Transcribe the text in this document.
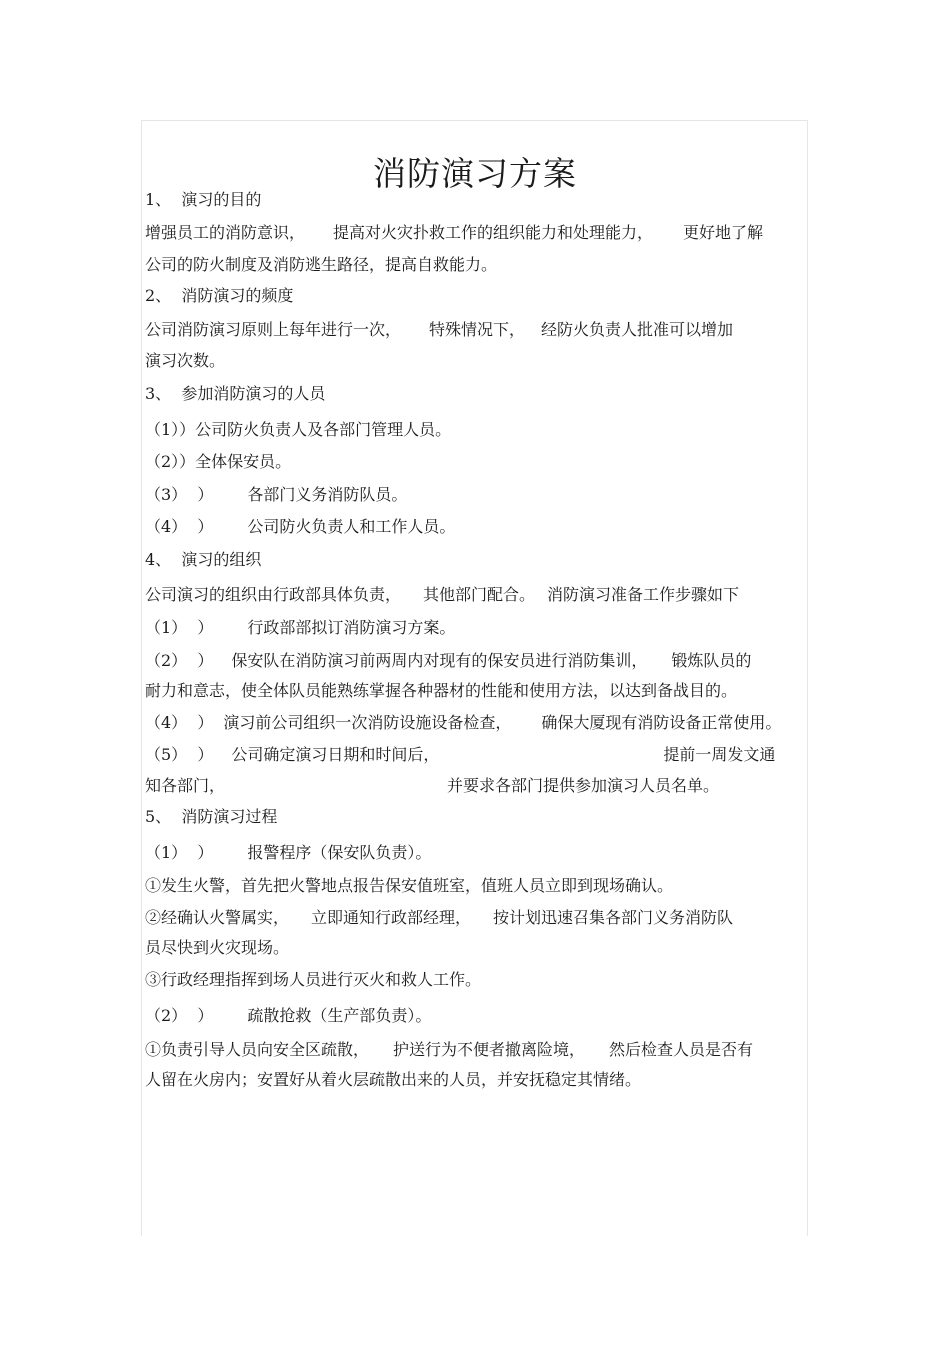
消防演习方案
1、  演习的目的
增强员工的消防意识， 提高对火灾扑救工作的组织能力和处理能力， 更好地了解
公司的防火制度及消防逃生路径，提高自救能力。
2、  消防演习的频度
公司消防演习原则上每年进行一次， 特殊情况下， 经防火负责人批准可以增加
演习次数。
3、  参加消防演习的人员
（1））公司防火负责人及各部门管理人员。
（2））全体保安员。
（3）  ） 各部门义务消防队员。
（4）  ） 公司防火负责人和工作人员。
4、  演习的组织
公司演习的组织由行政部具体负责， 其他部门配合。 消防演习准备工作步骤如下
（1）  ） 行政部部拟订消防演习方案。
（2）  ） 保安队在消防演习前两周内对现有的保安员进行消防集训， 锻炼队员的
耐力和意志，使全体队员能熟练掌握各种器材的性能和使用方法，以达到备战目的。
（4）  ） 演习前公司组织一次消防设施设备检查， 确保大厦现有消防设备正常使用。
（5）  ） 公司确定演习日期和时间后，	提前一周发文通
知各部门，	并要求各部门提供参加演习人员名单。
5、  消防演习过程
（1）  ） 报警程序（保安队负责）。
①发生火警，首先把火警地点报告保安值班室，值班人员立即到现场确认。
②经确认火警属实， 立即通知行政部经理， 按计划迅速召集各部门义务消防队
员尽快到火灾现场。
③行政经理指挥到场人员进行灭火和救人工作。
（2）  ） 疏散抢救（生产部负责）。
①负责引导人员向安全区疏散， 护送行为不便者撤离险境， 然后检查人员是否有
人留在火房内；安置好从着火层疏散出来的人员，并安抚稳定其情绪。
